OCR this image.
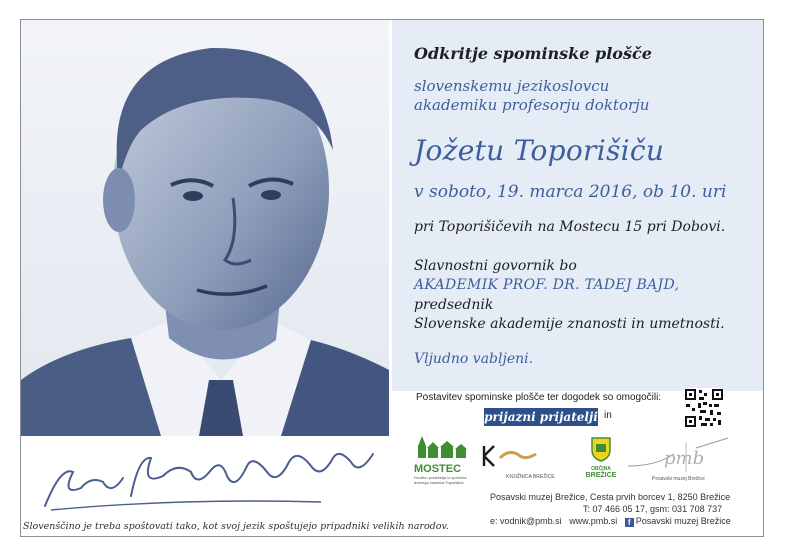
Slovenščino je treba spoštovati tako, kot svoj jezik spoštujejo pripadniki velikih narodov.
Odkritje spominske plošče
slovenskemu jezikoslovcu
akademiku profesorju doktorju
Jožetu Toporišiču
v soboto, 19. marca 2016, ob 10. uri
pri Toporišičevih na Mostecu 15 pri Dobovi.
Slavnostni govornik bo
AKADEMIK PROF. DR. TADEJ BAJD,
predsednik
Slovenske akademije znanosti in umetnosti.
Vljudno vabljeni.
Postavitev spominske plošče ter dogodek so omogočili:
prijazni prijatelji in
MOSTEC
Društvo podeželja in spomina dobrega častnika Toporišiča
KNJIŽNICA BREŽICE
OBČINA
BREŽICE
pmb
Posavski muzej Brežice
Posavski muzej Brežice, Cesta prvih borcev 1, 8250 Brežice
T: 07 466 05 17, gsm: 031 708 737
e: vodnik@pmb.si www.pmb.si f Posavski muzej Brežice
